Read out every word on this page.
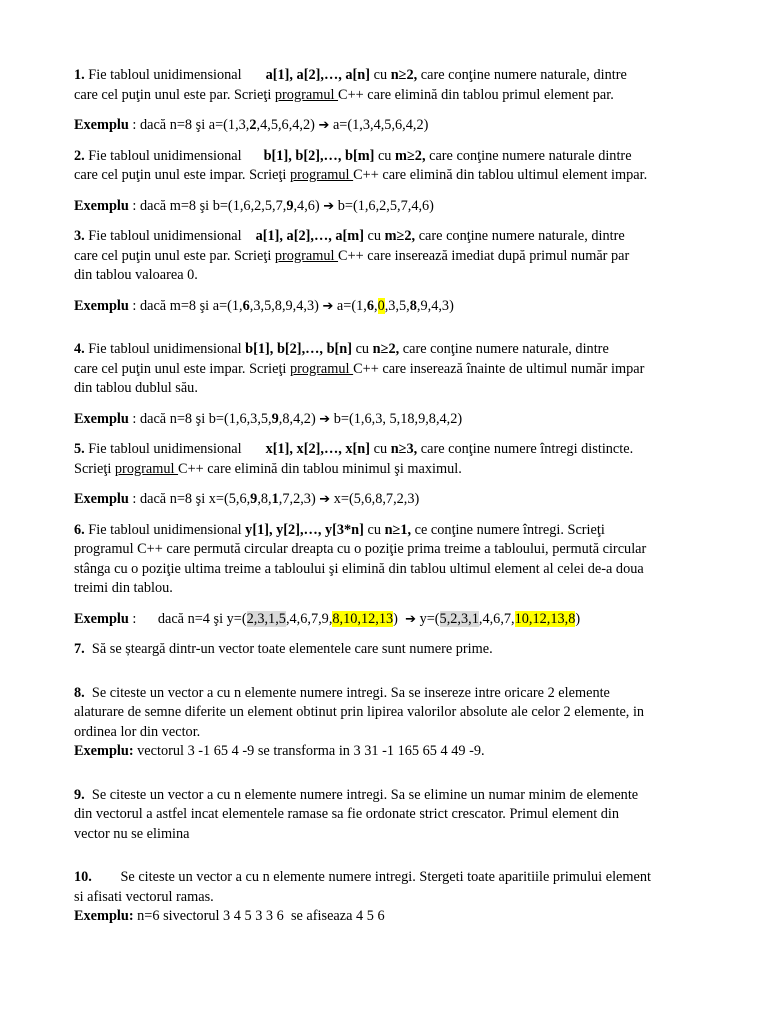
1. Fie tabloul unidimensional a[1], a[2],…, a[n] cu n≥2, care conţine numere naturale, dintre
care cel puţin unul este par. Scrieţi programul C++ care elimină din tablou primul element par.

Exemplu : dacă n=8 şi a=(1,3,2,4,5,6,4,2) ➔ a=(1,3,4,5,6,4,2)

2. Fie tabloul unidimensional b[1], b[2],…, b[m] cu m≥2, care conţine numere naturale dintre
care cel puţin unul este impar. Scrieţi programul C++ care elimină din tablou ultimul element impar.

Exemplu : dacă m=8 şi b=(1,6,2,5,7,9,4,6) ➔ b=(1,6,2,5,7,4,6)

3. Fie tabloul unidimensional a[1], a[2],…, a[m] cu m≥2, care conţine numere naturale, dintre
care cel puţin unul este par. Scrieţi programul C++ care inserează imediat după primul număr par
din tablou valoarea 0.

Exemplu : dacă m=8 şi a=(1,6,3,5,8,9,4,3) ➔ a=(1,6,0,3,5,8,9,4,3)

4. Fie tabloul unidimensional b[1], b[2],…, b[n] cu n≥2, care conţine numere naturale, dintre
care cel puţin unul este impar. Scrieţi programul C++ care inserează înainte de ultimul număr impar
din tablou dublul său.

Exemplu : dacă n=8 şi b=(1,6,3,5,9,8,4,2) ➔ b=(1,6,3, 5,18,9,8,4,2)

5. Fie tabloul unidimensional x[1], x[2],…, x[n] cu n≥3, care conţine numere întregi distincte.
Scrieţi programul C++ care elimină din tablou minimul şi maximul.

Exemplu : dacă n=8 şi x=(5,6,9,8,1,7,2,3) ➔ x=(5,6,8,7,2,3)

6. Fie tabloul unidimensional y[1], y[2],…, y[3*n] cu n≥1, ce conţine numere întregi. Scrieţi
programul C++ care permută circular dreapta cu o poziţie prima treime a tabloului, permută circular
stânga cu o poziţie ultima treime a tabloului şi elimină din tablou ultimul element al celei de-a doua
treimi din tablou.

Exemplu :      dacă n=4 şi y=(2,3,1,5,4,6,7,9,8,10,12,13)  ➔ y=(5,2,3,1,4,6,7,10,12,13,8)

7.  Să se șteargă dintr-un vector toate elementele care sunt numere prime.

8.  Se citeste un vector a cu n elemente numere intregi. Sa se insereze intre oricare 2 elemente
alaturare de semne diferite un element obtinut prin lipirea valorilor absolute ale celor 2 elemente, in
ordinea lor din vector.
Exemplu: vectorul 3 -1 65 4 -9 se transforma in 3 31 -1 165 65 4 49 -9.

9.  Se citeste un vector a cu n elemente numere intregi. Sa se elimine un numar minim de elemente
din vectorul a astfel incat elementele ramase sa fie ordonate strict crescator. Primul element din
vector nu se elimina

10.        Se citeste un vector a cu n elemente numere intregi. Stergeti toate aparitiile primului element
si afisati vectorul ramas.
Exemplu: n=6 sivectorul 3 4 5 3 3 6  se afiseaza 4 5 6
